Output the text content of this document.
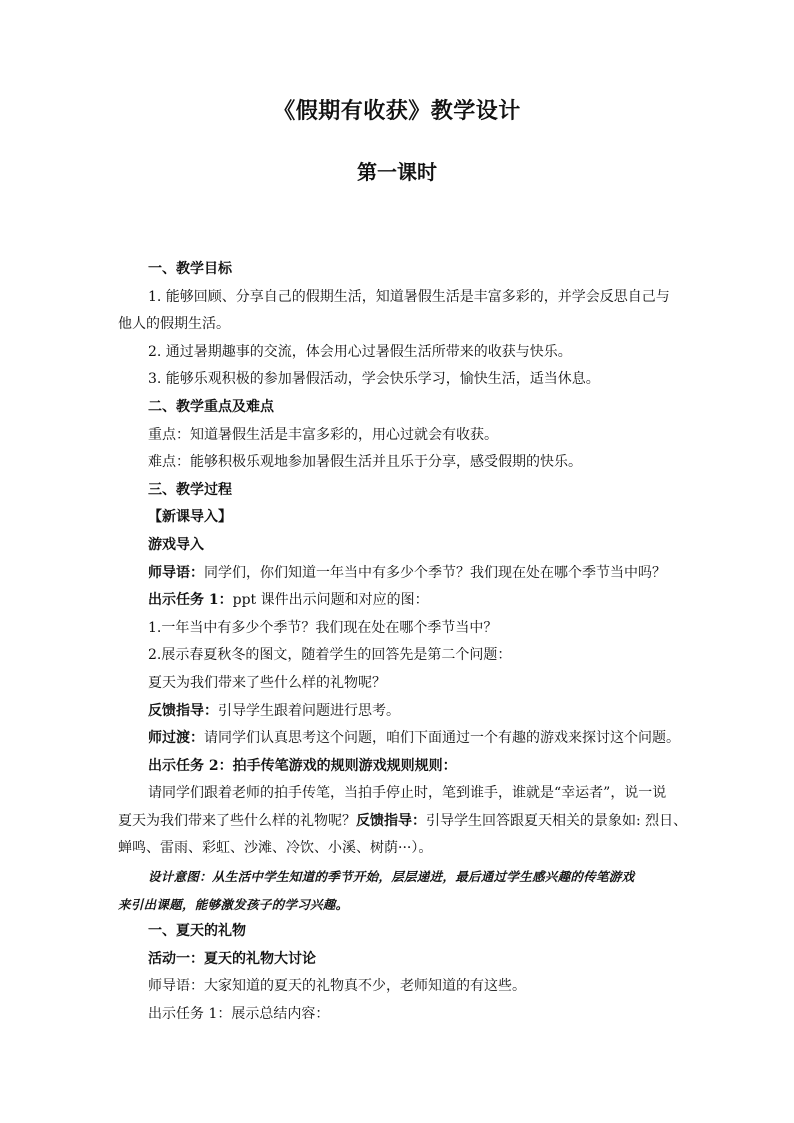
《假期有收获》教学设计
第一课时
一、教学目标
1. 能够回顾、分享自己的假期生活，知道暑假生活是丰富多彩的，并学会反思自己与
他人的假期生活。
2. 通过暑期趣事的交流，体会用心过暑假生活所带来的收获与快乐。
3. 能够乐观积极的参加暑假活动，学会快乐学习，愉快生活，适当休息。
二、教学重点及难点
重点：知道暑假生活是丰富多彩的，用心过就会有收获。
难点：能够积极乐观地参加暑假生活并且乐于分享，感受假期的快乐。
三、教学过程
【新课导入】
游戏导入
师导语：同学们，你们知道一年当中有多少个季节？我们现在处在哪个季节当中吗？
出示任务 1：ppt 课件出示问题和对应的图：
1.一年当中有多少个季节？我们现在处在哪个季节当中？
2.展示春夏秋冬的图文，随着学生的回答先是第二个问题：
夏天为我们带来了些什么样的礼物呢？
反馈指导：引导学生跟着问题进行思考。
师过渡：请同学们认真思考这个问题，咱们下面通过一个有趣的游戏来探讨这个问题。
出示任务 2：拍手传笔游戏的规则游戏规则规则：
请同学们跟着老师的拍手传笔，当拍手停止时，笔到谁手，谁就是“幸运者”，说一说
夏天为我们带来了些什么样的礼物呢？反馈指导：引导学生回答跟夏天相关的景象如: 烈日、
蝉鸣、雷雨、彩虹、沙滩、冷饮、小溪、树荫···）。
设计意图：从生活中学生知道的季节开始，层层递进，最后通过学生感兴趣的传笔游戏
来引出课题，能够激发孩子的学习兴趣。
一、夏天的礼物
活动一：夏天的礼物大讨论
师导语：大家知道的夏天的礼物真不少，老师知道的有这些。
出示任务 1：展示总结内容：
